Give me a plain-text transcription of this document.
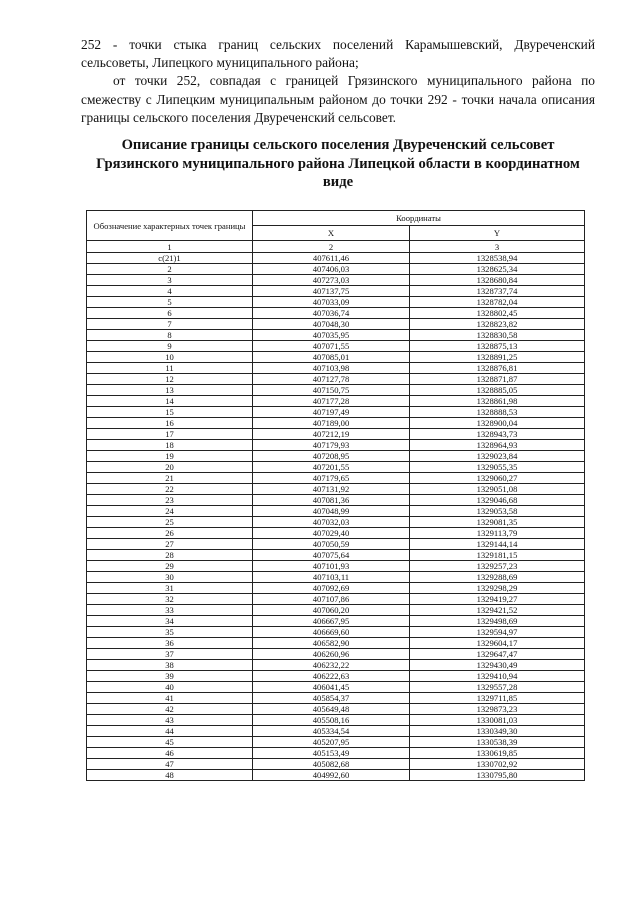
252 - точки стыка границ сельских поселений Карамышевский, Двуреченский сельсоветы, Липецкого муниципального района;

от точки 252, совпадая с границей Грязинского муниципального района по смежеству с Липецким муниципальным районом до точки 292 - точки начала описания границы сельского поселения Двуреченский сельсовет.

Описание границы сельского поселения Двуреченский сельсовет
Грязинского муниципального района Липецкой области в координатном
виде
Обозначение характерных точек границы	Координаты	
	X	Y
1	2	3
с(21)1	407611,46	1328538,94
2	407406,03	1328625,34
3	407273,03	1328680,84
4	407137,75	1328737,74
5	407033,09	1328782,04
6	407036,74	1328802,45
7	407048,30	1328823,82
8	407035,95	1328830,58
9	407071,55	1328875,13
10	407085,01	1328891,25
11	407103,98	1328876,81
12	407127,78	1328871,87
13	407150,75	1328885,05
14	407177,28	1328861,98
15	407197,49	1328888,53
16	407189,00	1328900,04
17	407212,19	1328943,73
18	407179,93	1328964,93
19	407208,95	1329023,84
20	407201,55	1329055,35
21	407179,65	1329060,27
22	407131,92	1329051,08
23	407081,36	1329046,68
24	407048,99	1329053,58
25	407032,03	1329081,35
26	407029,40	1329113,79
27	407050,59	1329144,14
28	407075,64	1329181,15
29	407101,93	1329257,23
30	407103,11	1329288,69
31	407092,69	1329298,29
32	407107,86	1329419,27
33	407060,20	1329421,52
34	406667,95	1329498,69
35	406669,60	1329594,97
36	406582,90	1329604,17
37	406260,96	1329647,47
38	406232,22	1329430,49
39	406222,63	1329410,94
40	406041,45	1329557,28
41	405854,37	1329711,85
42	405649,48	1329873,23
43	405508,16	1330081,03
44	405334,54	1330349,30
45	405207,95	1330538,39
46	405153,49	1330619,85
47	405082,68	1330702,92
48	404992,60	1330795,80
